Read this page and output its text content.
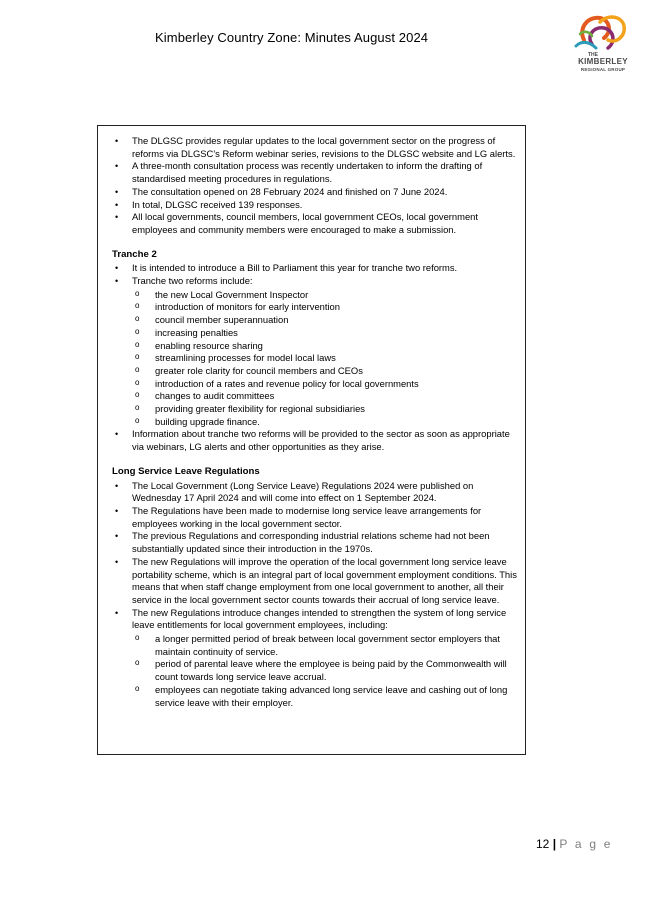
Kimberley Country Zone: Minutes August 2024
THE
KIMBERLEY
REGIONAL GROUP
• The DLGSC provides regular updates to the local government sector on the progress of reforms via DLGSC’s Reform webinar series, revisions to the DLGSC website and LG alerts.
• A three-month consultation process was recently undertaken to inform the drafting of standardised meeting procedures in regulations.
• The consultation opened on 28 February 2024 and finished on 7 June 2024.
• In total, DLGSC received 139 responses.
• All local governments, council members, local government CEOs, local government employees and community members were encouraged to make a submission.
Tranche 2
• It is intended to introduce a Bill to Parliament this year for tranche two reforms.
• Tranche two reforms include:
o the new Local Government Inspector
o introduction of monitors for early intervention
o council member superannuation
o increasing penalties
o enabling resource sharing
o streamlining processes for model local laws
o greater role clarity for council members and CEOs
o introduction of a rates and revenue policy for local governments
o changes to audit committees
o providing greater flexibility for regional subsidiaries
o building upgrade finance.
• Information about tranche two reforms will be provided to the sector as soon as appropriate via webinars, LG alerts and other opportunities as they arise.
Long Service Leave Regulations
• The Local Government (Long Service Leave) Regulations 2024 were published on Wednesday 17 April 2024 and will come into effect on 1 September 2024.
• The Regulations have been made to modernise long service leave arrangements for employees working in the local government sector.
• The previous Regulations and corresponding industrial relations scheme had not been substantially updated since their introduction in the 1970s.
• The new Regulations will improve the operation of the local government long service leave portability scheme, which is an integral part of local government employment conditions. This means that when staff change employment from one local government to another, all their service in the local government sector counts towards their accrual of long service leave.
• The new Regulations introduce changes intended to strengthen the system of long service leave entitlements for local government employees, including:
o a longer permitted period of break between local government sector employers that maintain continuity of service.
o period of parental leave where the employee is being paid by the Commonwealth will count towards long service leave accrual.
o employees can negotiate taking advanced long service leave and cashing out of long service leave with their employer.
12 | P a g e
